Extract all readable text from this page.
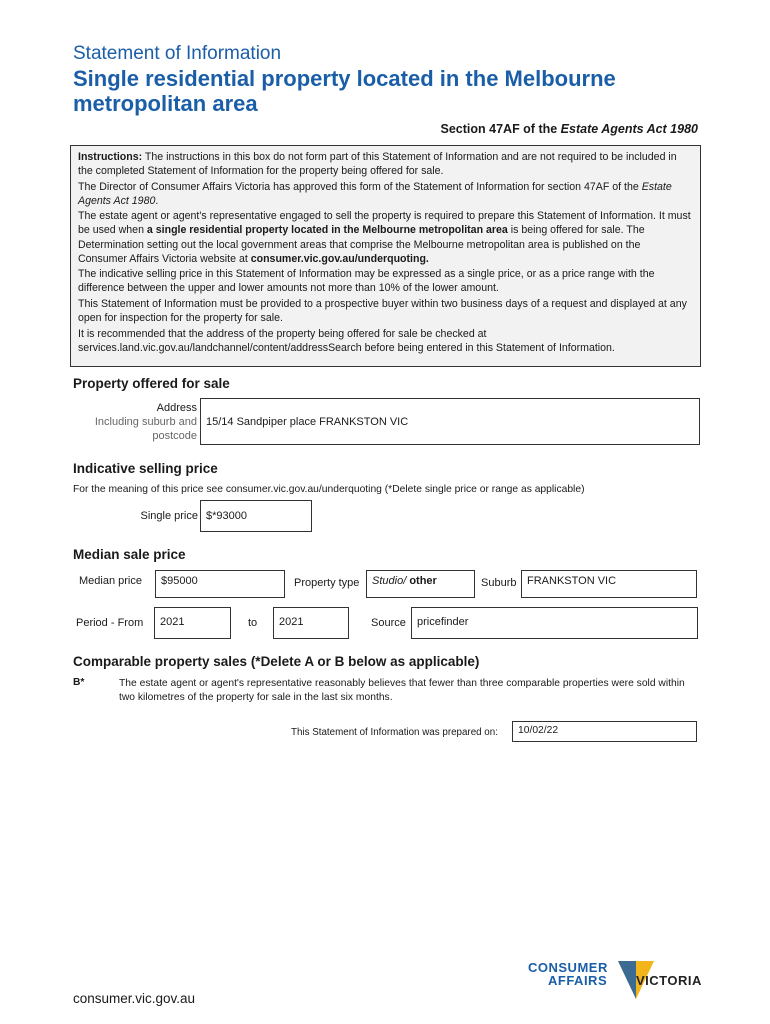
Statement of Information
Single residential property located in the Melbourne metropolitan area
Section 47AF of the Estate Agents Act 1980

Instructions: The instructions in this box do not form part of this Statement of Information and are not required to be included in the completed Statement of Information for the property being offered for sale.

The Director of Consumer Affairs Victoria has approved this form of the Statement of Information for section 47AF of the Estate Agents Act 1980.

The estate agent or agent's representative engaged to sell the property is required to prepare this Statement of Information. It must be used when a single residential property located in the Melbourne metropolitan area is being offered for sale. The Determination setting out the local government areas that comprise the Melbourne metropolitan area is published on the Consumer Affairs Victoria website at consumer.vic.gov.au/underquoting.

The indicative selling price in this Statement of Information may be expressed as a single price, or as a price range with the difference between the upper and lower amounts not more than 10% of the lower amount.

This Statement of Information must be provided to a prospective buyer within two business days of a request and displayed at any open for inspection for the property for sale.

It is recommended that the address of the property being offered for sale be checked at services.land.vic.gov.au/landchannel/content/addressSearch before being entered in this Statement of Information.

Property offered for sale
Address
Including suburb and
postcode
15/14 Sandpiper place FRANKSTON VIC
Indicative selling price
For the meaning of this price see consumer.vic.gov.au/underquoting (*Delete single price or range as applicable)
Single price $*93000
Median sale price
Median price	$95000	Property type	Studio/ other	Suburb FRANKSTON VIC
Period - From	2021	to	2021	Source	pricefinder
Comparable property sales (*Delete A or B below as applicable)
B*	The estate agent or agent's representative reasonably believes that fewer than three comparable properties were sold within two kilometres of the property for sale in the last six months.
This Statement of Information was prepared on:	10/02/22
CONSUMER
AFFAIRS VICTORIA
consumer.vic.gov.au
